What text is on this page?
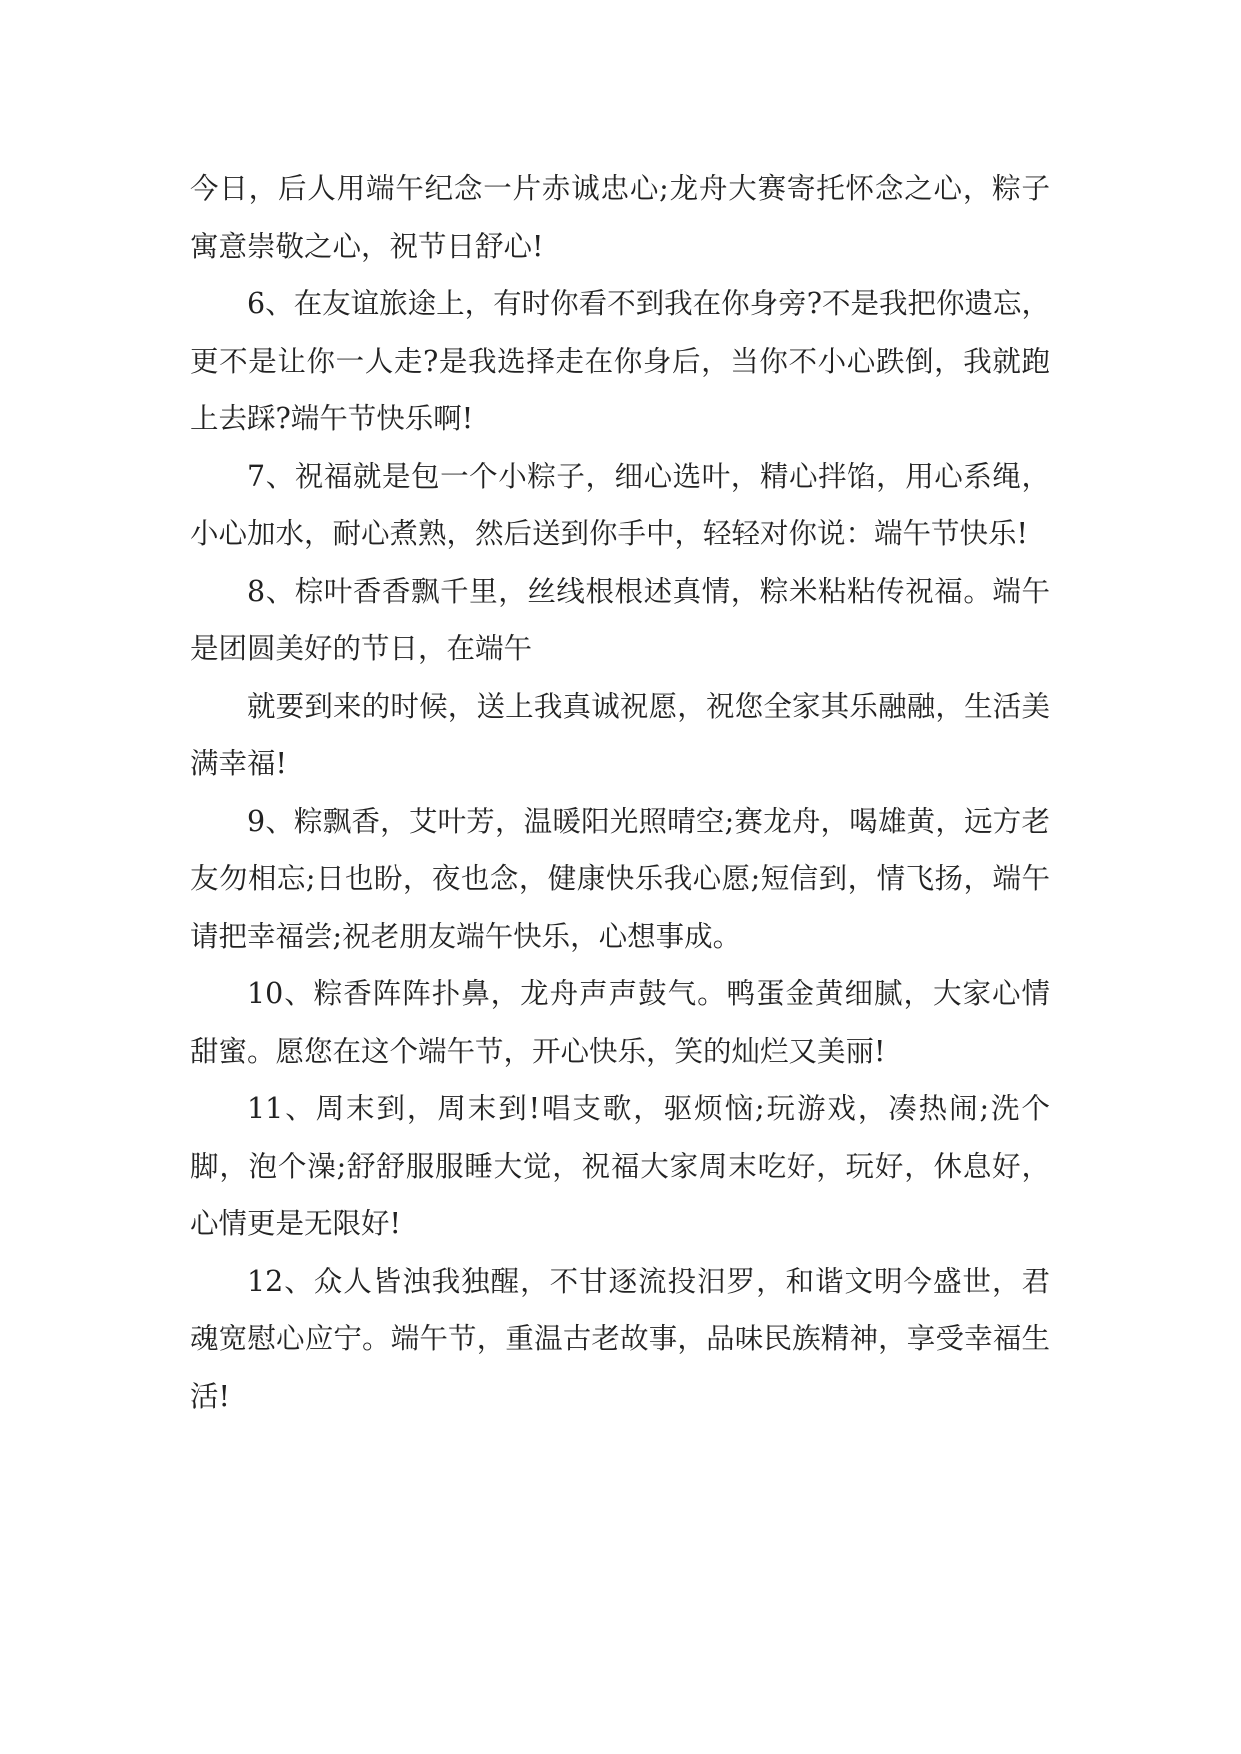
今日，后人用端午纪念一片赤诚忠心;龙舟大赛寄托怀念之心，粽子寓意崇敬之心，祝节日舒心!

6、在友谊旅途上，有时你看不到我在你身旁?不是我把你遗忘，更不是让你一人走?是我选择走在你身后，当你不小心跌倒，我就跑上去踩?端午节快乐啊!

7、祝福就是包一个小粽子，细心选叶，精心拌馅，用心系绳，小心加水，耐心煮熟，然后送到你手中，轻轻对你说：端午节快乐!

8、棕叶香香飘千里，丝线根根述真情，粽米粘粘传祝福。端午是团圆美好的节日，在端午

就要到来的时候，送上我真诚祝愿，祝您全家其乐融融，生活美满幸福!

9、粽飘香，艾叶芳，温暖阳光照晴空;赛龙舟，喝雄黄，远方老友勿相忘;日也盼，夜也念，健康快乐我心愿;短信到，情飞扬，端午请把幸福尝;祝老朋友端午快乐，心想事成。

10、粽香阵阵扑鼻，龙舟声声鼓气。鸭蛋金黄细腻，大家心情甜蜜。愿您在这个端午节，开心快乐，笑的灿烂又美丽!

11、周末到，周末到!唱支歌，驱烦恼;玩游戏，凑热闹;洗个脚，泡个澡;舒舒服服睡大觉，祝福大家周末吃好，玩好，休息好，心情更是无限好!

12、众人皆浊我独醒，不甘逐流投汨罗，和谐文明今盛世，君魂宽慰心应宁。端午节，重温古老故事，品味民族精神，享受幸福生活!
